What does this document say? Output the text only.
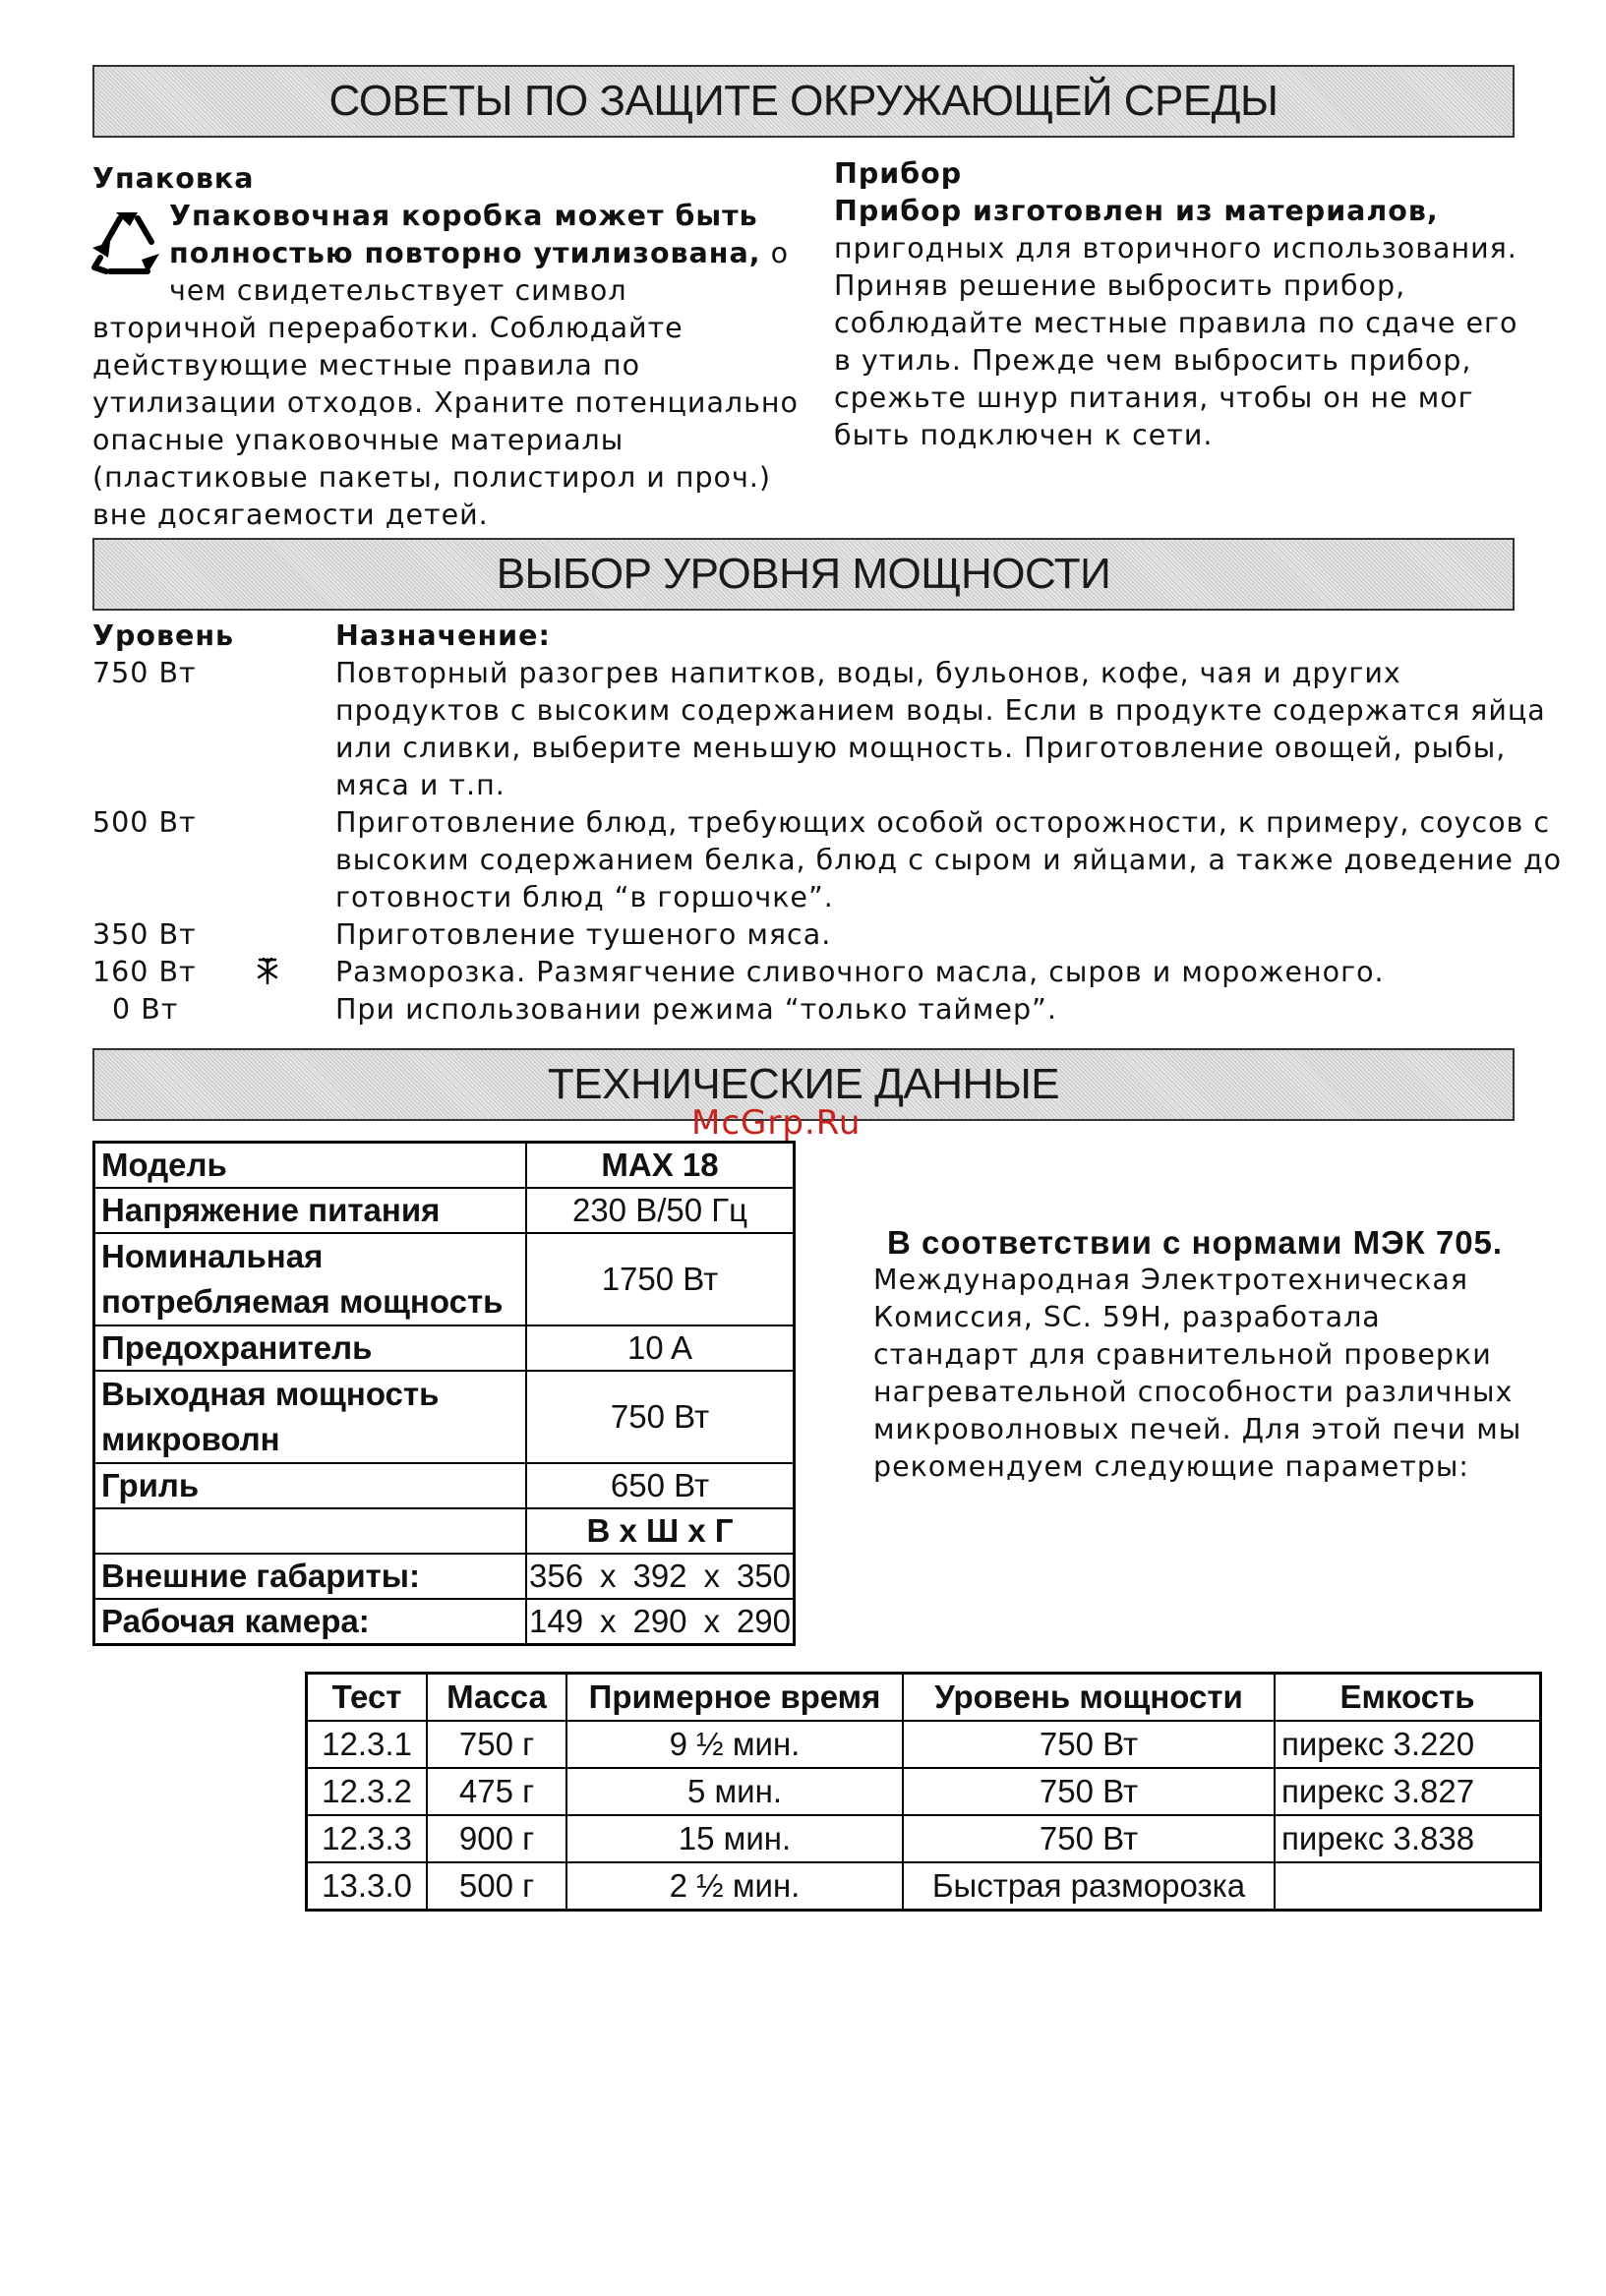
СОВЕТЫ ПО ЗАЩИТЕ ОКРУЖАЮЩЕЙ СРЕДЫ

Упаковка

Упаковочная коробка может быть

полностью повторно утилизована, о

чем свидетельствует символ

вторичной переработки. Соблюдайте

действующие местные правила по

утилизации отходов. Храните потенциально

опасные упаковочные материалы

(пластиковые пакеты, полистирол и проч.)

вне досягаемости детей.

Прибор

Прибор изготовлен из материалов,

пригодных для вторичного использования.

Приняв решение выбросить прибор,

соблюдайте местные правила по сдаче его

в утиль. Прежде чем выбросить прибор,

срежьте шнур питания, чтобы он не мог

быть подключен к сети.

ВЫБОР УРОВНЯ МОЩНОСТИ
Уровень	Назначение:
750 Вт	Повторный разогрев напитков, воды, бульонов, кофе, чая и других

продуктов с высоким содержанием воды. Если в продукте содержатся яйца

или сливки, выберите меньшую мощность. Приготовление овощей, рыбы,

мяса и т.п.

500 Вт	Приготовление блюд, требующих особой осторожности, к примеру, соусов с

высоким содержанием белка, блюд с сыром и яйцами, а также доведение до

готовности блюд “в горшочке”.

350 Вт	Приготовление тушеного мяса.
160 Вт	Разморозка. Размягчение сливочного масла, сыров и мороженого.
0 Вт	При использовании режима “только таймер”.
ТЕХНИЧЕСКИЕ ДАННЫЕ
McGrp.Ru
Модель	MAX 18
Напряжение питания	230 В/50 Гц
Номинальная
потребляемая мощность	1750 Вт
Предохранитель	10 A
Выходная мощность
микроволн	750 Вт
Гриль	650 Вт
	В x Ш x Г
Внешние габариты:	356 x 392 x 350

Рабочая камера:	149 x 290 x 290

В соответствии с нормами МЭК 705.

Международная Электротехническая

Комиссия, SC. 59H, разработала

стандарт для сравнительной проверки

нагревательной способности различных

микроволновых печей. Для этой печи мы

рекомендуем следующие параметры:

Тест	Масса	Примерное время	Уровень мощности	Емкость
12.3.1	750 г	9 ½ мин.	750 Вт	пирекс 3.220
12.3.2	475 г	5 мин.	750 Вт	пирекс 3.827
12.3.3	900 г	15 мин.	750 Вт	пирекс 3.838
13.3.0	500 г	2 ½ мин.	Быстрая разморозка	
